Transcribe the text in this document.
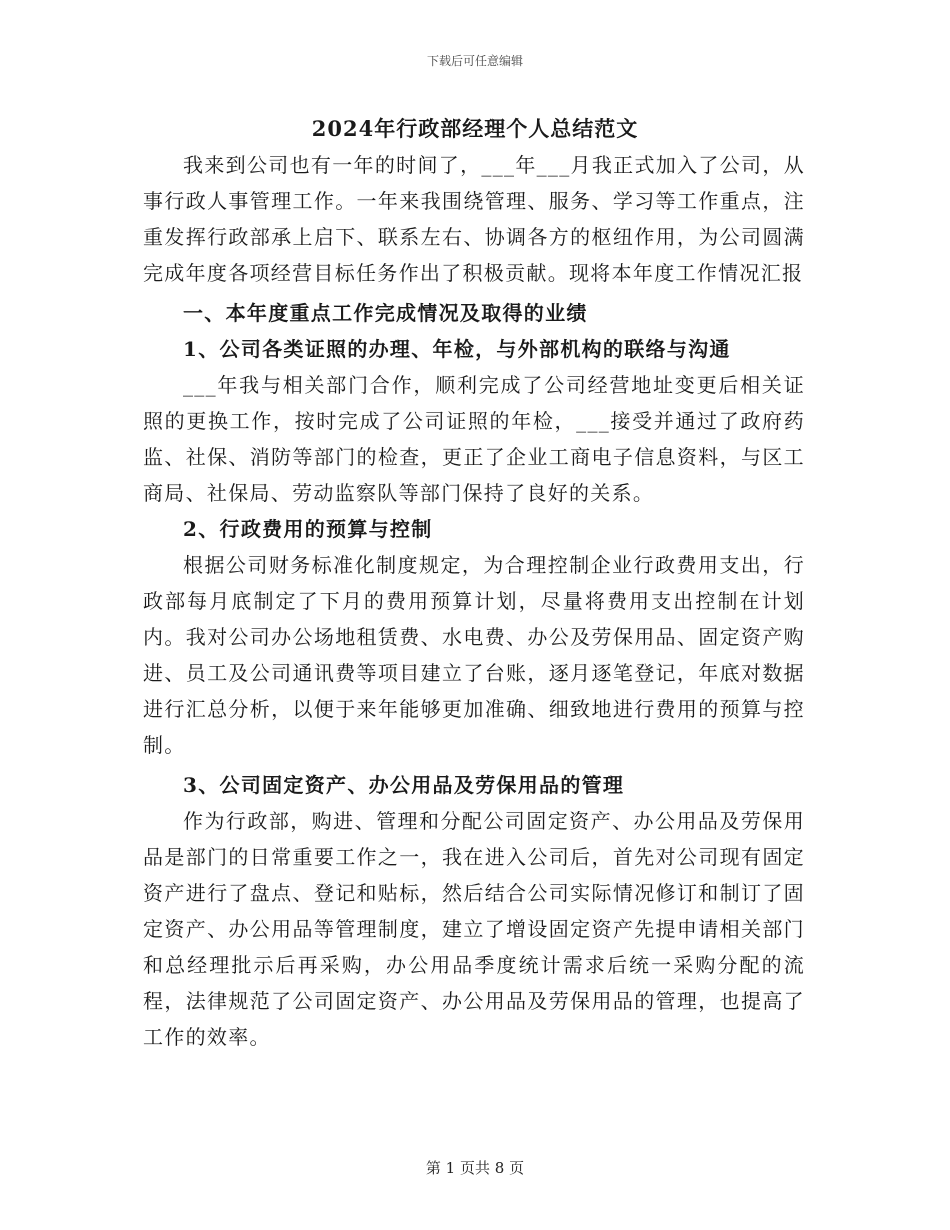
下载后可任意编辑
2024年行政部经理个人总结范文

我来到公司也有一年的时间了，___年___月我正式加入了公司，从事行政人事管理工作。一年来我围绕管理、服务、学习等工作重点，注重发挥行政部承上启下、联系左右、协调各方的枢纽作用，为公司圆满完成年度各项经营目标任务作出了积极贡献。现将本年度工作情况汇报

一、本年度重点工作完成情况及取得的业绩
1、公司各类证照的办理、年检，与外部机构的联络与沟通

___年我与相关部门合作，顺利完成了公司经营地址变更后相关证照的更换工作，按时完成了公司证照的年检，___接受并通过了政府药监、社保、消防等部门的检查，更正了企业工商电子信息资料，与区工商局、社保局、劳动监察队等部门保持了良好的关系。

2、行政费用的预算与控制

根据公司财务标准化制度规定，为合理控制企业行政费用支出，行政部每月底制定了下月的费用预算计划，尽量将费用支出控制在计划内。我对公司办公场地租赁费、水电费、办公及劳保用品、固定资产购进、员工及公司通讯费等项目建立了台账，逐月逐笔登记，年底对数据进行汇总分析，以便于来年能够更加准确、细致地进行费用的预算与控制。

3、公司固定资产、办公用品及劳保用品的管理

作为行政部，购进、管理和分配公司固定资产、办公用品及劳保用品是部门的日常重要工作之一，我在进入公司后，首先对公司现有固定资产进行了盘点、登记和贴标，然后结合公司实际情况修订和制订了固定资产、办公用品等管理制度，建立了增设固定资产先提申请相关部门和总经理批示后再采购，办公用品季度统计需求后统一采购分配的流程，法律规范了公司固定资产、办公用品及劳保用品的管理，也提高了工作的效率。

第 1 页共 8 页
